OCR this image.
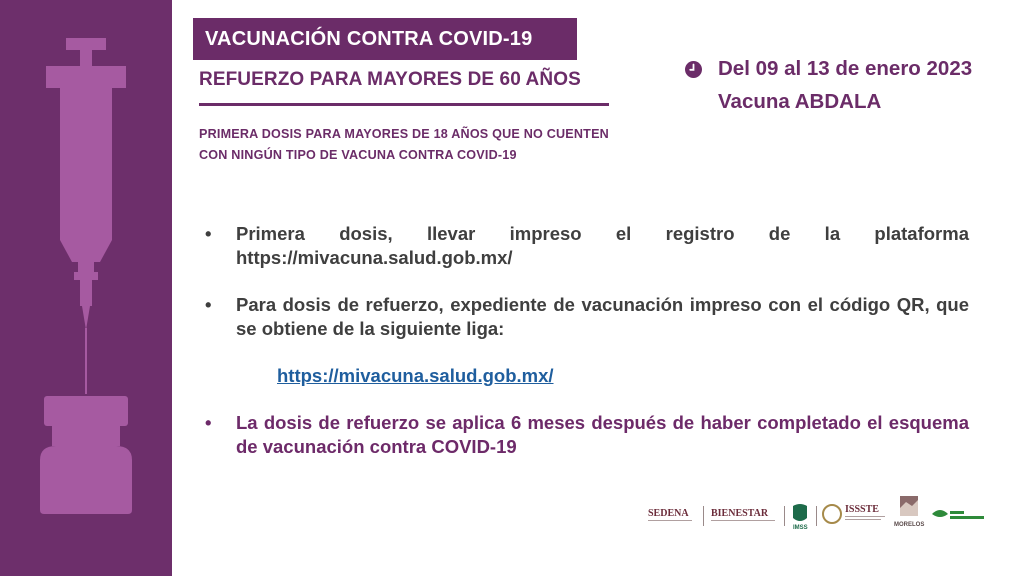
VACUNACIÓN CONTRA COVID-19
REFUERZO PARA MAYORES DE 60 AÑOS
PRIMERA DOSIS PARA MAYORES DE 18 AÑOS QUE NO CUENTEN
CON NINGÚN TIPO DE VACUNA CONTRA COVID-19
Del 09 al 13 de enero 2023
Vacuna ABDALA
•	Primera dosis, llevar impreso el registro de la plataforma https://mivacuna.salud.gob.mx/
•	Para dosis de refuerzo, expediente de vacunación impreso con el código QR, que se obtiene de la siguiente liga:
https://mivacuna.salud.gob.mx/
•	La dosis de refuerzo se aplica 6 meses después de haber completado el esquema de vacunación contra COVID-19
SEDENA BIENESTAR
IMSS
ISSSTE
MORELOS
